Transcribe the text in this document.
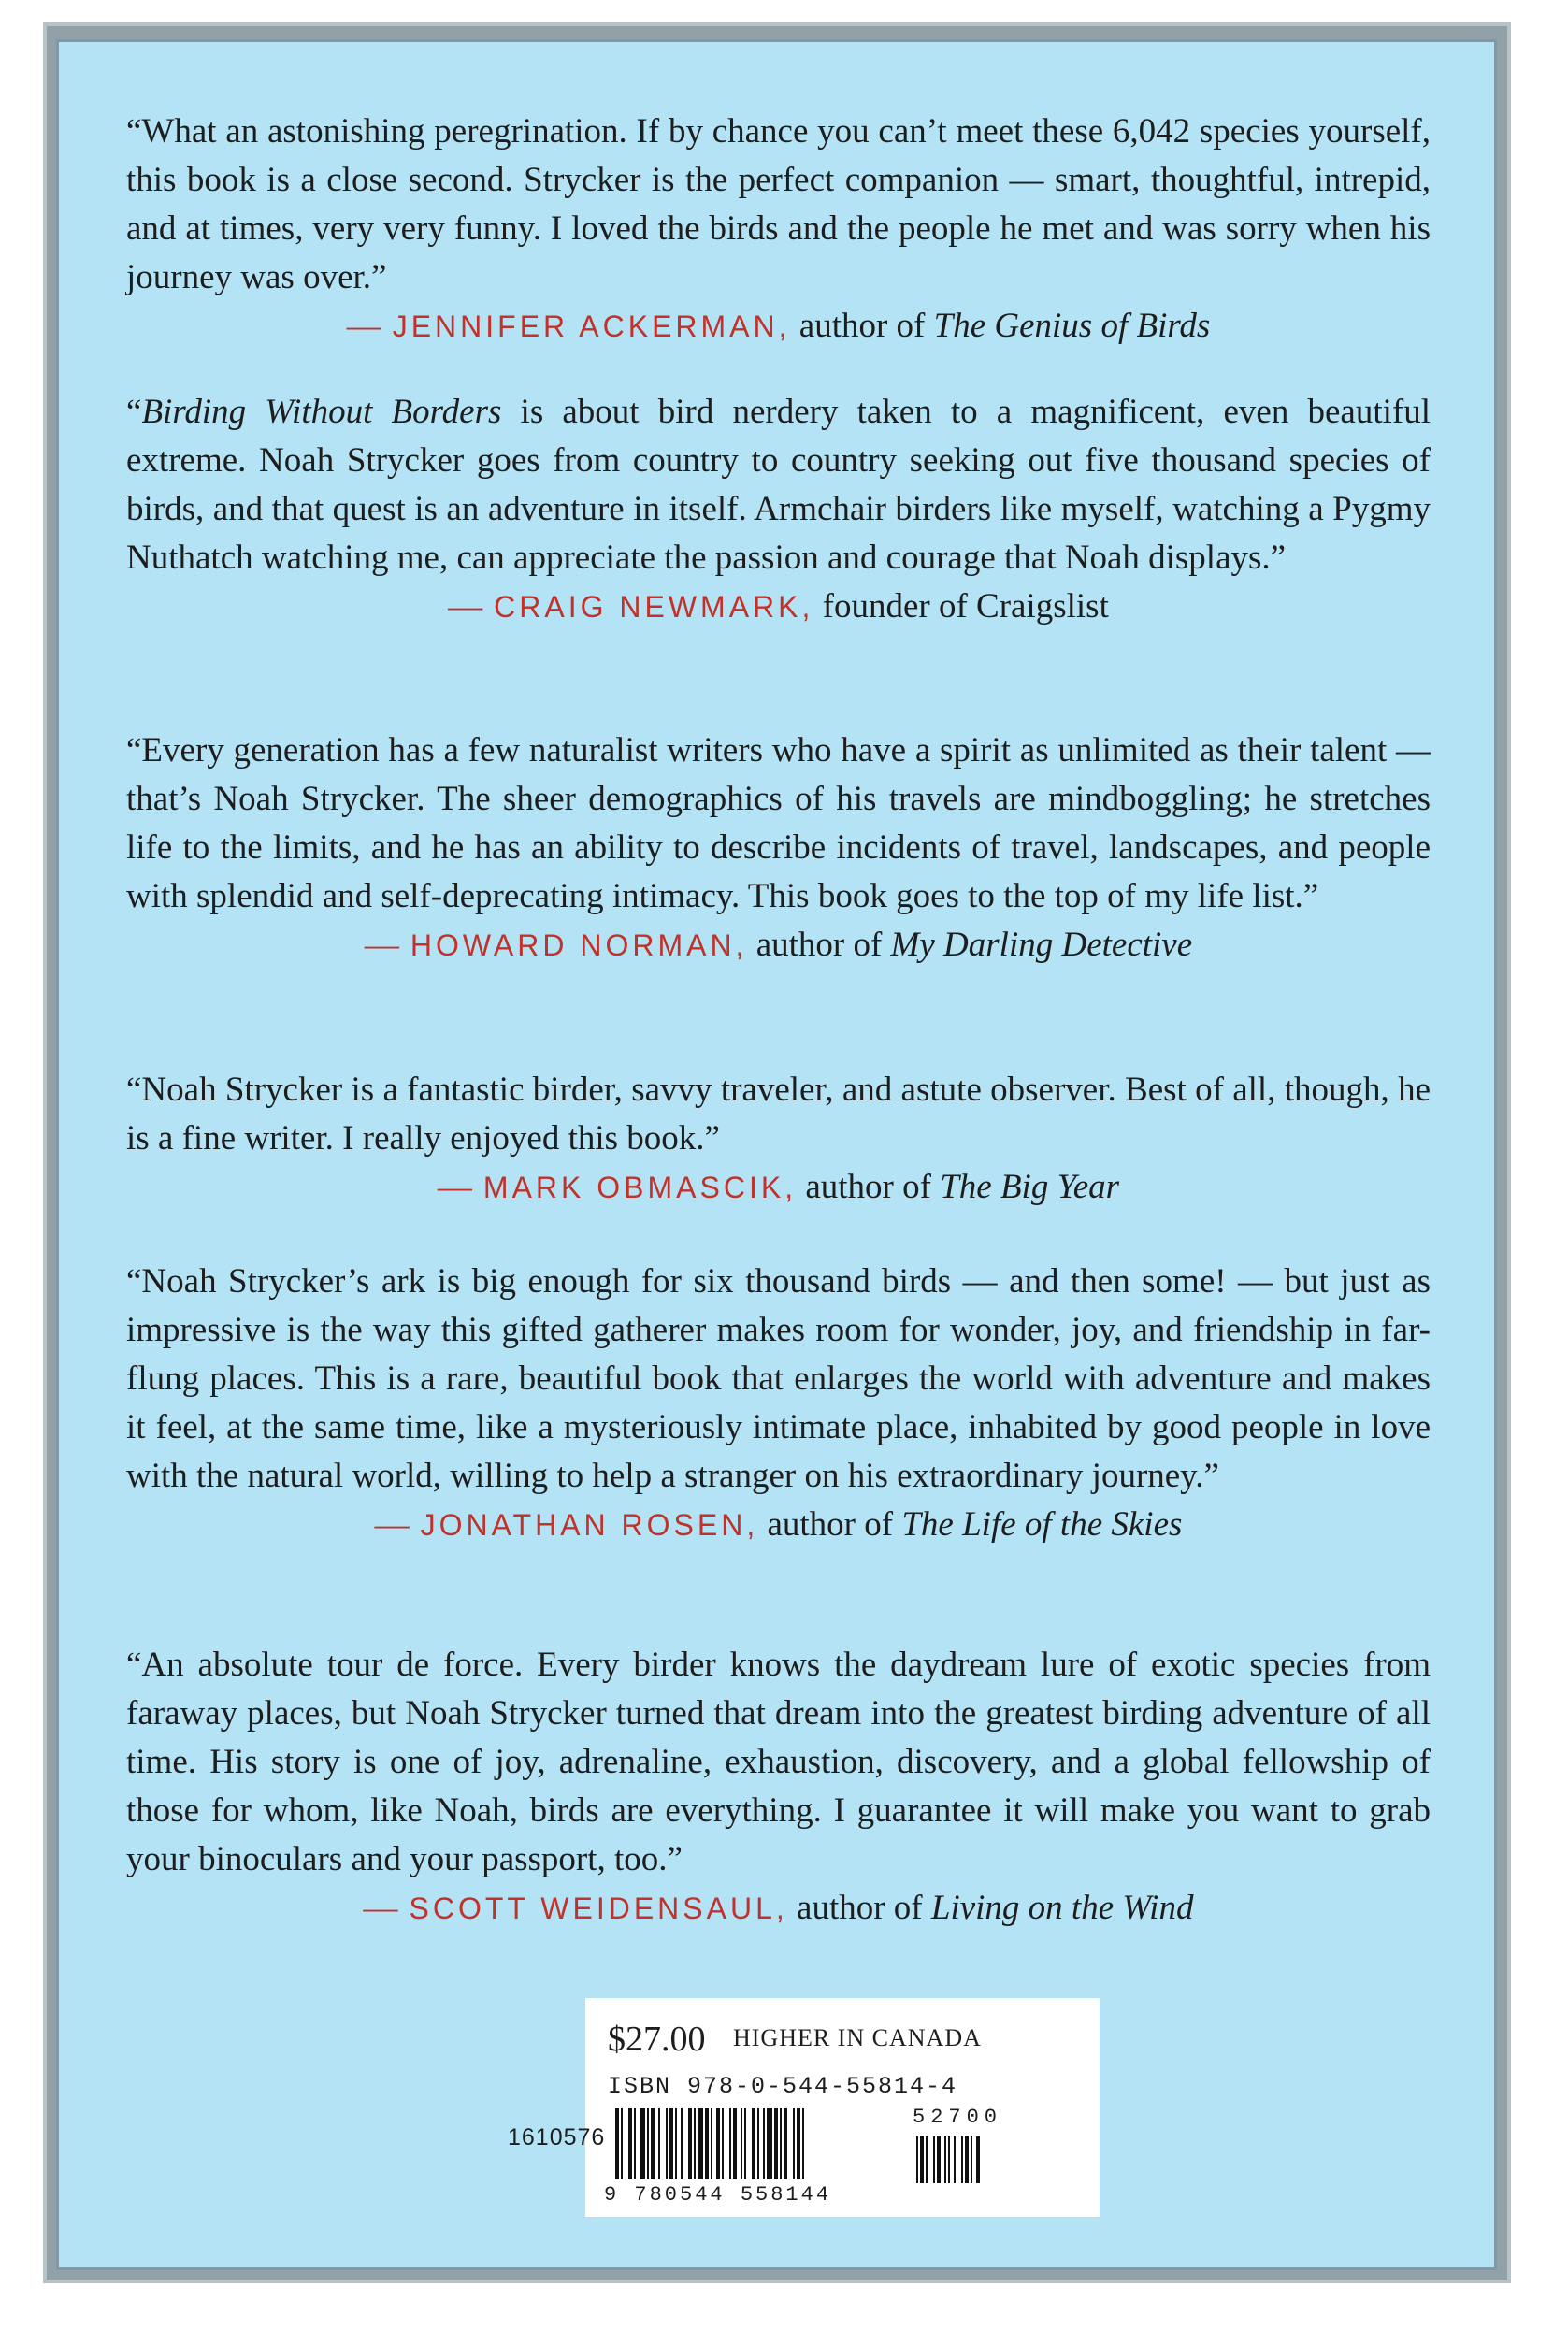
“What an astonishing peregrination. If by chance you can’t meet these 6,042 species yourself, this book is a close second. Strycker is the perfect companion — smart, thoughtful, intrepid, and at times, very very funny. I loved the birds and the people he met and was sorry when his journey was over.”

— JENNIFER ACKERMAN, author of The Genius of Birds

“Birding Without Borders is about bird nerdery taken to a magnificent, even beautiful extreme. Noah Strycker goes from country to country seeking out five thousand species of birds, and that quest is an adventure in itself. Armchair birders like myself, watching a Pygmy Nuthatch watching me, can appreciate the passion and courage that Noah displays.”

— CRAIG NEWMARK, founder of Craigslist

“Every generation has a few naturalist writers who have a spirit as unlimited as their talent — that’s Noah Strycker. The sheer demographics of his travels are mindboggling; he stretches life to the limits, and he has an ability to describe incidents of travel, landscapes, and people with splendid and self-deprecating intimacy. This book goes to the top of my life list.”

— HOWARD NORMAN, author of My Darling Detective

“Noah Strycker is a fantastic birder, savvy traveler, and astute observer. Best of all, though, he is a fine writer. I really enjoyed this book.”

— MARK OBMASCIK, author of The Big Year

“Noah Strycker’s ark is big enough for six thousand birds — and then some! — but just as impressive is the way this gifted gatherer makes room for wonder, joy, and friendship in far-flung places. This is a rare, beautiful book that enlarges the world with adventure and makes it feel, at the same time, like a mysteriously intimate place, inhabited by good people in love with the natural world, willing to help a stranger on his extraordinary journey.”

— JONATHAN ROSEN, author of The Life of the Skies

“An absolute tour de force. Every birder knows the daydream lure of exotic species from faraway places, but Noah Strycker turned that dream into the greatest birding adventure of all time. His story is one of joy, adrenaline, exhaustion, discovery, and a global fellowship of those for whom, like Noah, birds are everything. I guarantee it will make you want to grab your binoculars and your passport, too.”

— SCOTT WEIDENSAUL, author of Living on the Wind
$27.00 HIGHER IN CANADA
ISBN 978-0-544-55814-4
52700
9 780544 558144
1610576
